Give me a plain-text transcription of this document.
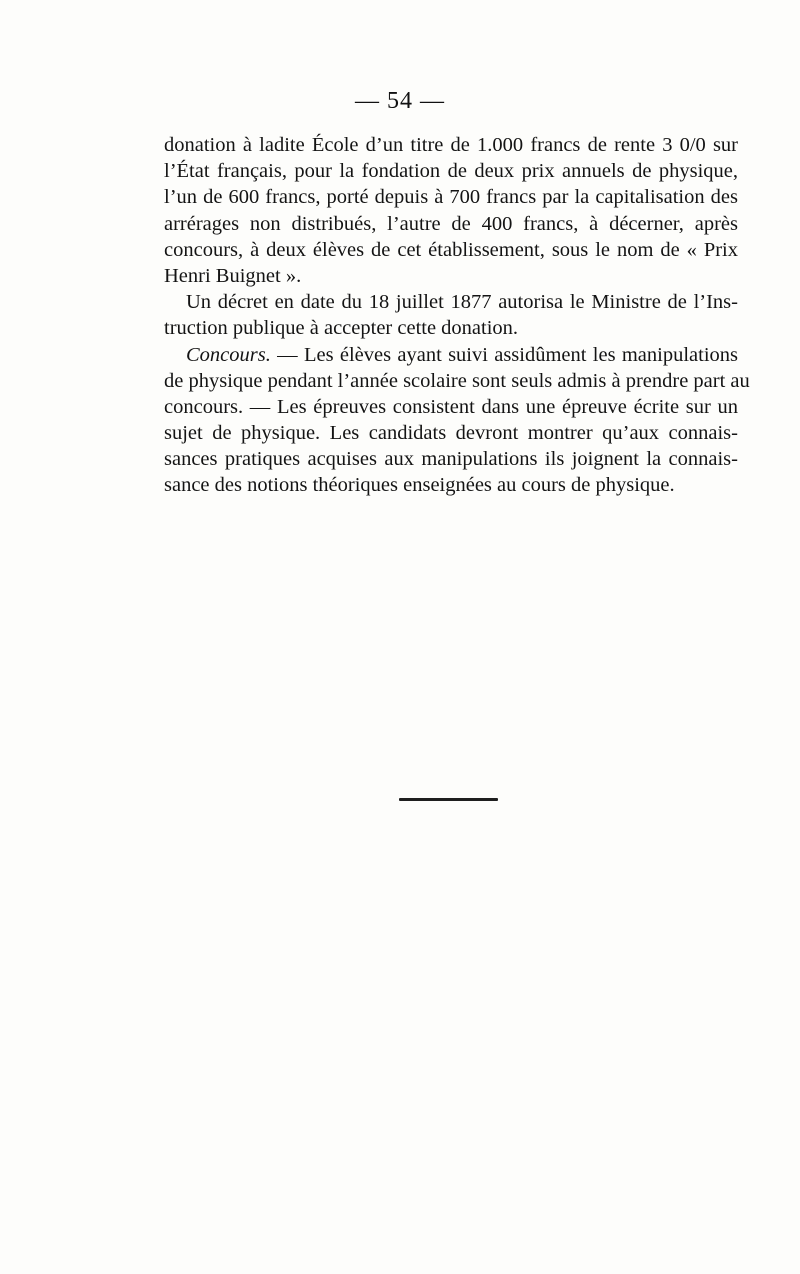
— 54 —
donation à ladite École d’un titre de 1.000 francs de rente 3 0/0 sur
l’État français, pour la fondation de deux prix annuels de physique,
l’un de 600 francs, porté depuis à 700 francs par la capitalisation des
arrérages non distribués, l’autre de 400 francs, à décerner, après
concours, à deux élèves de cet établissement, sous le nom de « Prix
Henri Buignet ».
Un décret en date du 18 juillet 1877 autorisa le Ministre de l’Ins-
truction publique à accepter cette donation.
Concours. — Les élèves ayant suivi assidûment les manipulations
de physique pendant l’année scolaire sont seuls admis à prendre part au
concours. — Les épreuves consistent dans une épreuve écrite sur un
sujet de physique. Les candidats devront montrer qu’aux connais-
sances pratiques acquises aux manipulations ils joignent la connais-
sance des notions théoriques enseignées au cours de physique.
